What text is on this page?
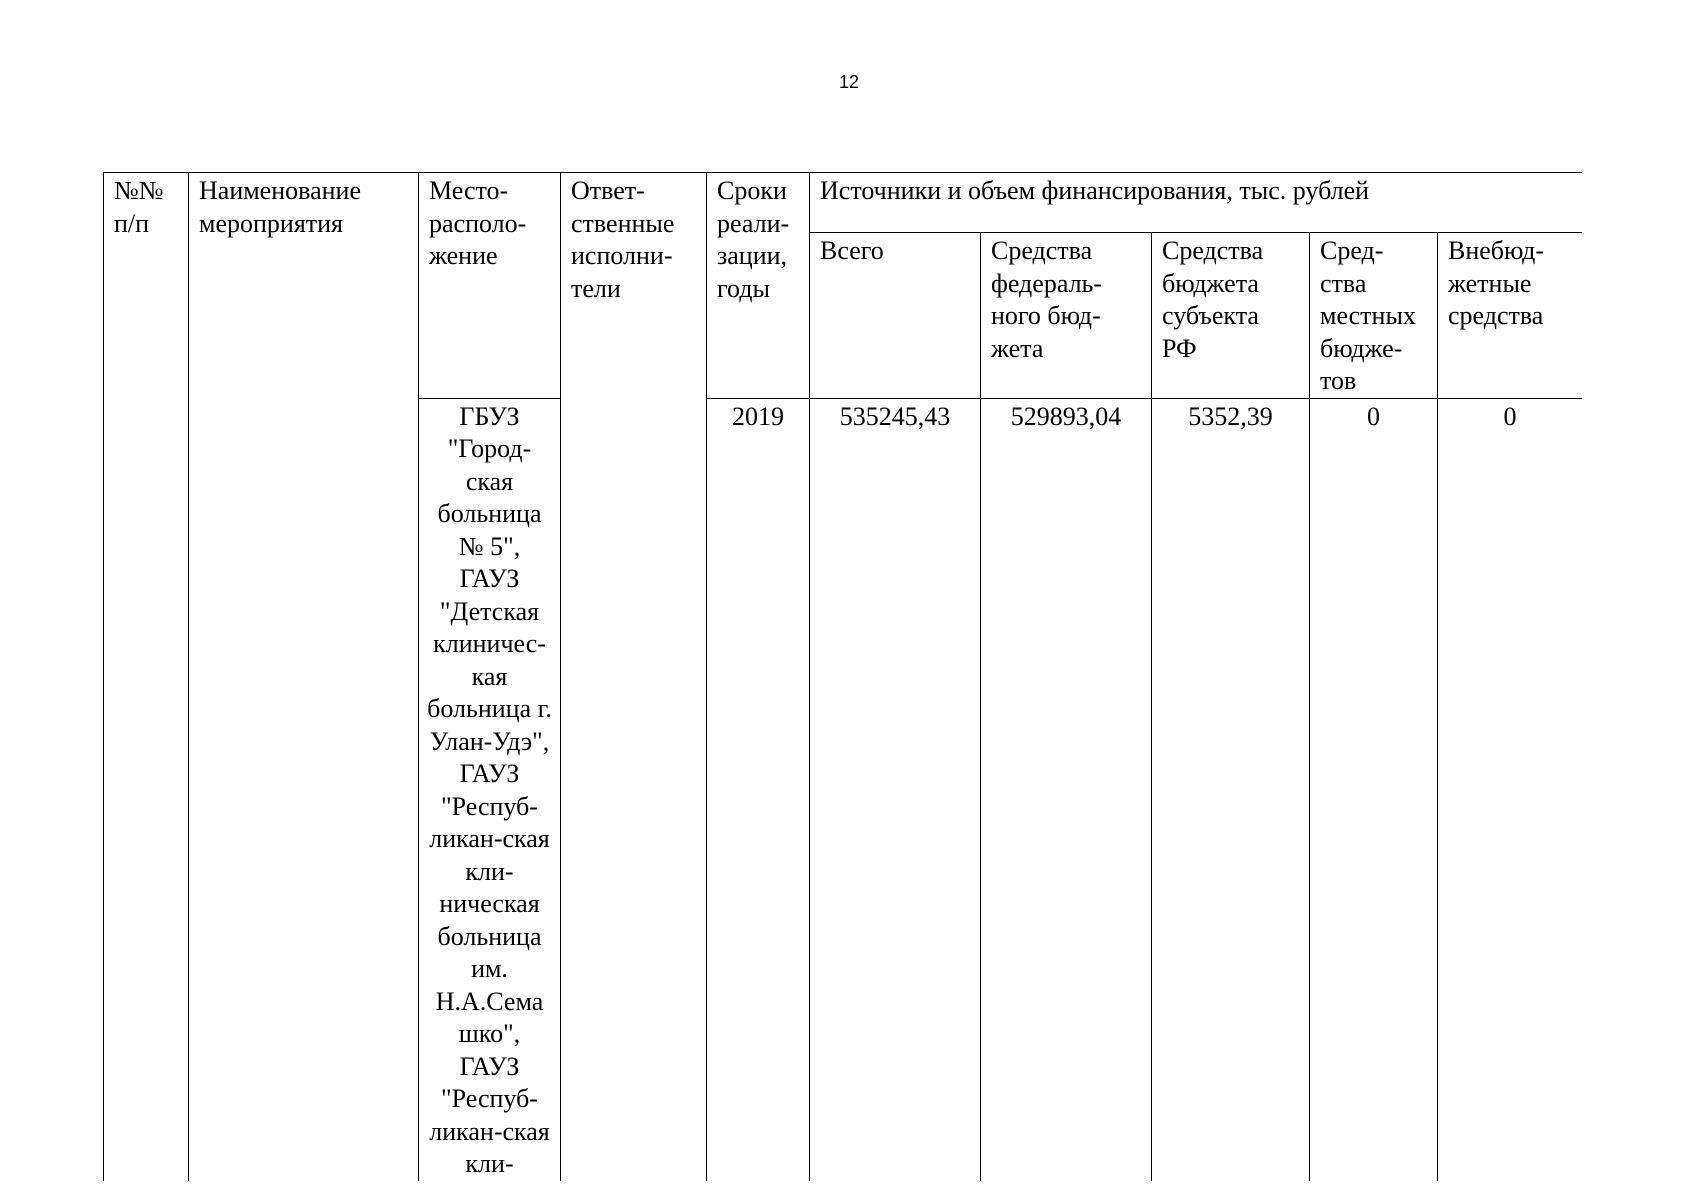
12
№№ п/п	Наименование мероприятия	Место-располо-жение	Ответ-ственные исполни-тели	Сроки реали-зации, годы	Источники и объем финансирования, тыс. рублей				
					Всего	Средства федераль-ного бюд-жета	Средства бюджета субъекта РФ	Сред-ства местных бюдже-тов	Внебюд-жетные средства
		ГБУЗ "Город-ская больница № 5", ГАУЗ "Детская клиничес-кая больница г. Улан-Удэ", ГАУЗ "Респуб-ликан-ская кли-ническая больница им. Н.А.Сема шко", ГАУЗ "Респуб-ликан-ская кли-		2019	535245,43	529893,04	5352,39	0	0
